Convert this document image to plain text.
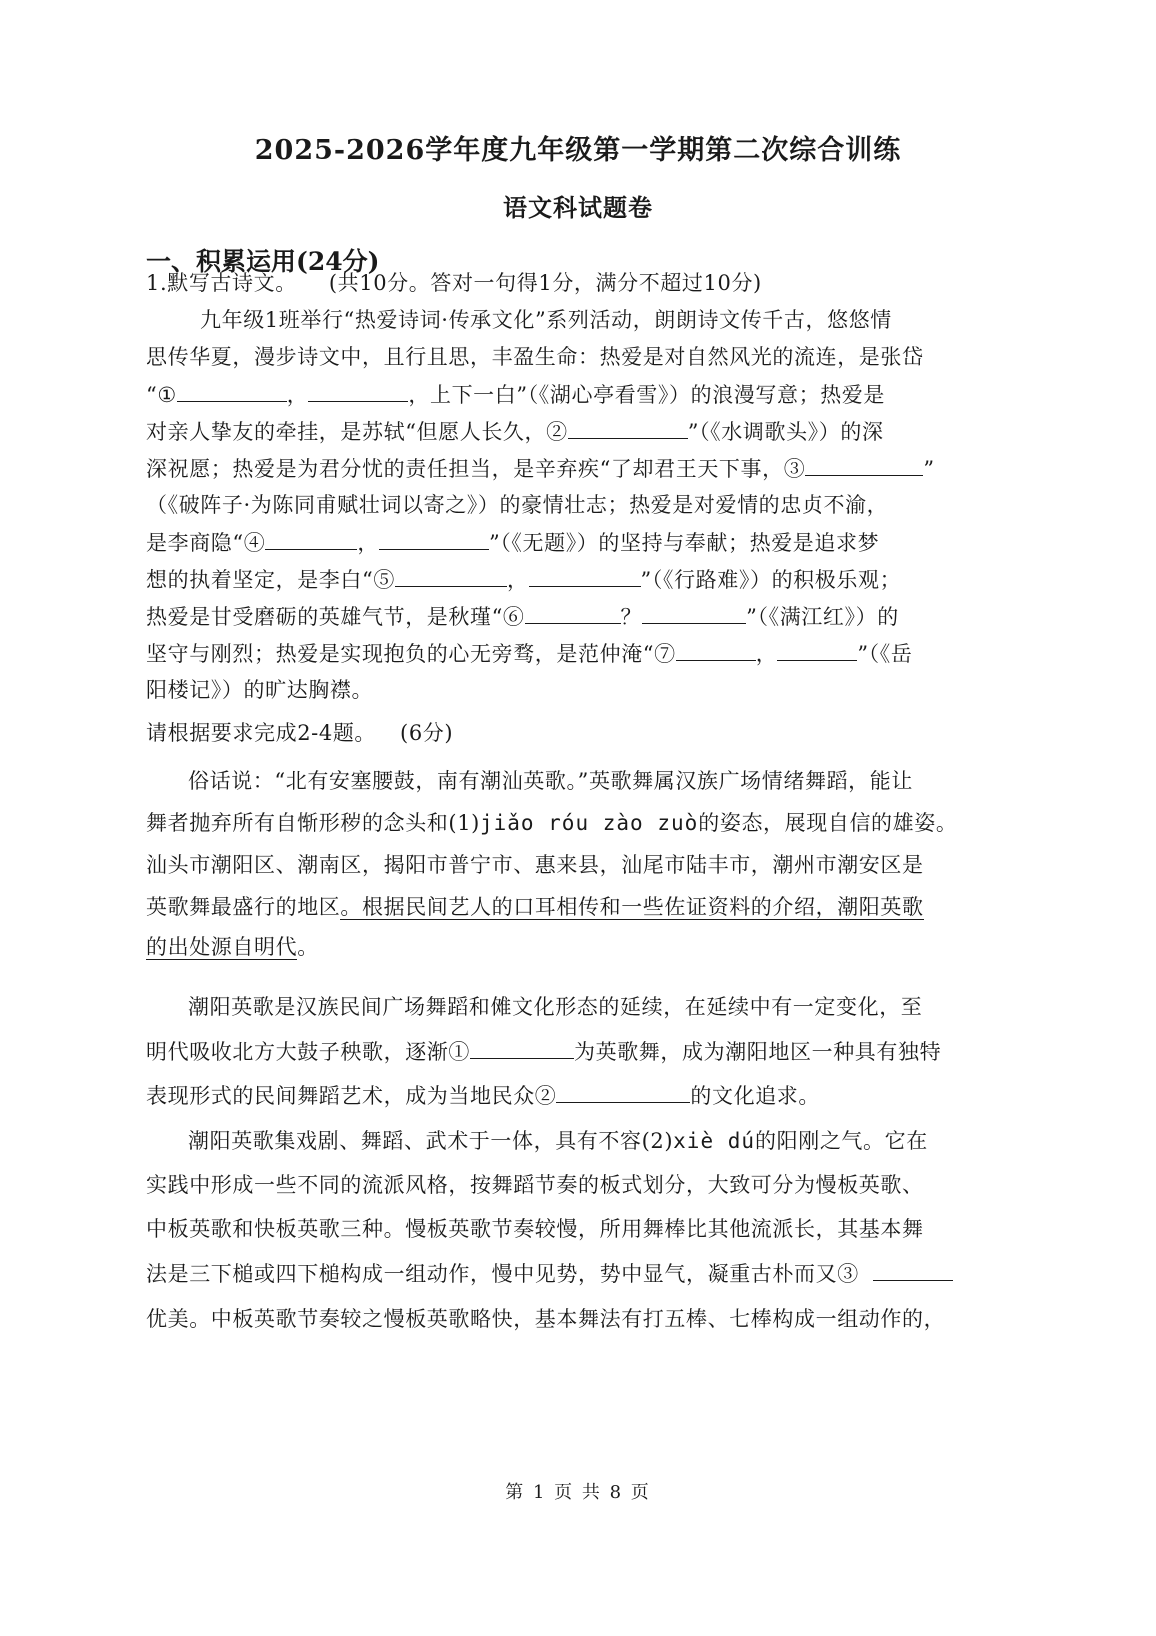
2025-2026学年度九年级第一学期第二次综合训练
语文科试题卷
一、积累运用(24分)
1.默写古诗文。 (共10分。答对一句得1分，满分不超过10分)
九年级1班举行“热爱诗词·传承文化”系列活动，朗朗诗文传千古，悠悠情
思传华夏，漫步诗文中，且行且思，丰盈生命：热爱是对自然风光的流连，是张岱
“①	，	，上下一白”（《湖心亭看雪》）的浪漫写意；热爱是
对亲人挚友的牵挂，是苏轼“但愿人长久，②	”（《水调歌头》）的深
深祝愿；热爱是为君分忧的责任担当，是辛弃疾“了却君王天下事，③	”
（《破阵子·为陈同甫赋壮词以寄之》）的豪情壮志；热爱是对爱情的忠贞不渝，
是李商隐“④	，	”（《无题》）的坚持与奉献；热爱是追求梦
想的执着坚定，是李白“⑤	，	”（《行路难》）的积极乐观；
热爱是甘受磨砺的英雄气节，是秋瑾“⑥	？	”（《满江红》）的
坚守与刚烈；热爱是实现抱负的心无旁骛，是范仲淹“⑦	，	”（《岳
阳楼记》）的旷达胸襟。
请根据要求完成2-4题。 (6分)
俗话说：“北有安塞腰鼓，南有潮汕英歌。”英歌舞属汉族广场情绪舞蹈，能让
舞者抛弃所有自惭形秽的念头和(1)jiǎo róu zào zuò的姿态，展现自信的雄姿。
汕头市潮阳区、潮南区，揭阳市普宁市、惠来县，汕尾市陆丰市，潮州市潮安区是
英歌舞最盛行的地区。根据民间艺人的口耳相传和一些佐证资料的介绍，潮阳英歌
的出处源自明代。
潮阳英歌是汉族民间广场舞蹈和傩文化形态的延续，在延续中有一定变化，至
明代吸收北方大鼓子秧歌，逐渐①	为英歌舞，成为潮阳地区一种具有独特
表现形式的民间舞蹈艺术，成为当地民众②	的文化追求。
潮阳英歌集戏剧、舞蹈、武术于一体，具有不容(2)xiè dú的阳刚之气。它在
实践中形成一些不同的流派风格，按舞蹈节奏的板式划分，大致可分为慢板英歌、
中板英歌和快板英歌三种。慢板英歌节奏较慢，所用舞棒比其他流派长，其基本舞
法是三下槌或四下槌构成一组动作，慢中见势，势中显气，凝重古朴而又③
优美。中板英歌节奏较之慢板英歌略快，基本舞法有打五棒、七棒构成一组动作的，
第 1 页 共 8 页
